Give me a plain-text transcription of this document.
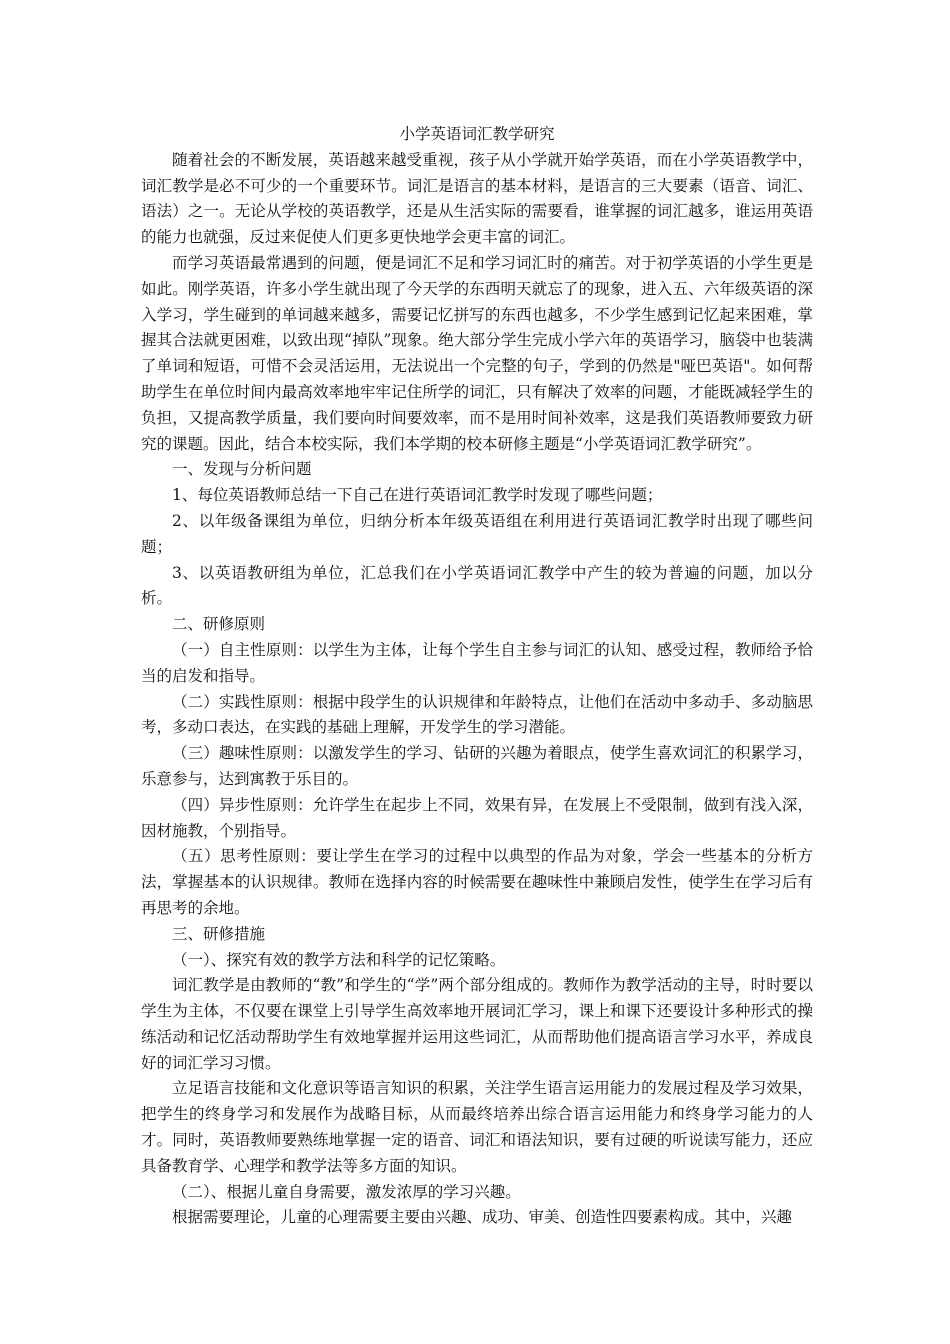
小学英语词汇教学研究

随着社会的不断发展，英语越来越受重视，孩子从小学就开始学英语，而在小学英语教学中，词汇教学是必不可少的一个重要环节。词汇是语言的基本材料，是语言的三大要素（语音、词汇、语法）之一。无论从学校的英语教学，还是从生活实际的需要看，谁掌握的词汇越多，谁运用英语的能力也就强，反过来促使人们更多更快地学会更丰富的词汇。

而学习英语最常遇到的问题，便是词汇不足和学习词汇时的痛苦。对于初学英语的小学生更是如此。刚学英语，许多小学生就出现了今天学的东西明天就忘了的现象，进入五、六年级英语的深入学习，学生碰到的单词越来越多，需要记忆拼写的东西也越多，不少学生感到记忆起来困难，掌握其合法就更困难，以致出现“掉队”现象。绝大部分学生完成小学六年的英语学习，脑袋中也装满了单词和短语，可惜不会灵活运用，无法说出一个完整的句子，学到的仍然是"哑巴英语"。如何帮助学生在单位时间内最高效率地牢牢记住所学的词汇，只有解决了效率的问题，才能既减轻学生的负担，又提高教学质量，我们要向时间要效率，而不是用时间补效率，这是我们英语教师要致力研究的课题。因此，结合本校实际，我们本学期的校本研修主题是“小学英语词汇教学研究”。

一、发现与分析问题

1、每位英语教师总结一下自己在进行英语词汇教学时发现了哪些问题；

2、以年级备课组为单位，归纳分析本年级英语组在利用进行英语词汇教学时出现了哪些问题；

3、以英语教研组为单位，汇总我们在小学英语词汇教学中产生的较为普遍的问题，加以分析。

二、研修原则

（一）自主性原则：以学生为主体，让每个学生自主参与词汇的认知、感受过程，教师给予恰当的启发和指导。

（二）实践性原则：根据中段学生的认识规律和年龄特点，让他们在活动中多动手、多动脑思考，多动口表达，在实践的基础上理解，开发学生的学习潜能。

（三）趣味性原则：以激发学生的学习、钻研的兴趣为着眼点，使学生喜欢词汇的积累学习，乐意参与，达到寓教于乐目的。

（四）异步性原则：允许学生在起步上不同，效果有异，在发展上不受限制，做到有浅入深，因材施教，个别指导。

（五）思考性原则：要让学生在学习的过程中以典型的作品为对象，学会一些基本的分析方法，掌握基本的认识规律。教师在选择内容的时候需要在趣味性中兼顾启发性，使学生在学习后有再思考的余地。

三、研修措施

（一）、探究有效的教学方法和科学的记忆策略。

词汇教学是由教师的“教”和学生的“学”两个部分组成的。教师作为教学活动的主导，时时要以学生为主体，不仅要在课堂上引导学生高效率地开展词汇学习，课上和课下还要设计多种形式的操练活动和记忆活动帮助学生有效地掌握并运用这些词汇，从而帮助他们提高语言学习水平，养成良好的词汇学习习惯。

立足语言技能和文化意识等语言知识的积累，关注学生语言运用能力的发展过程及学习效果，把学生的终身学习和发展作为战略目标，从而最终培养出综合语言运用能力和终身学习能力的人才。同时，英语教师要熟练地掌握一定的语音、词汇和语法知识，要有过硬的听说读写能力，还应具备教育学、心理学和教学法等多方面的知识。

（二）、根据儿童自身需要，激发浓厚的学习兴趣。

根据需要理论，儿童的心理需要主要由兴趣、成功、审美、创造性四要素构成。其中，兴趣
